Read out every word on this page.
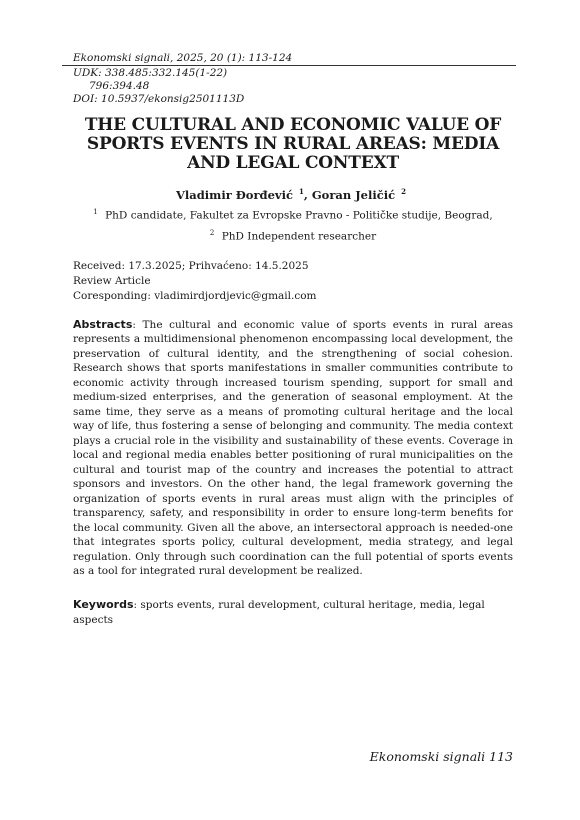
Ekonomski signali, 2025, 20 (1): 113-124
UDK: 338.485:332.145(1-22)
796:394.48
DOI: 10.5937/ekonsig2501113D
THE CULTURAL AND ECONOMIC VALUE OF SPORTS EVENTS IN RURAL AREAS: MEDIA AND LEGAL CONTEXT
Vladimir Đorđević $^1$, Goran Jeličić $^2$
$^1$ PhD candidate, Fakultet za Evropske Pravno - Političke studije, Beograd,
$^2$ PhD Independent researcher
Received: 17.3.2025; Prihvaćeno: 14.5.2025
Review Article
Coresponding: vladimirdjordjevic@gmail.com
Abstracts: The cultural and economic value of sports events in rural areas represents a multidimensional phenomenon encompassing local development, the preservation of cultural identity, and the strengthening of social cohesion. Research shows that sports manifestations in smaller communities contribute to economic activity through increased tourism spending, support for small and medium-sized enterprises, and the generation of seasonal employment. At the same time, they serve as a means of promoting cultural heritage and the local way of life, thus fostering a sense of belonging and community. The media context plays a crucial role in the visibility and sustainability of these events. Coverage in local and regional media enables better positioning of rural municipalities on the cultural and tourist map of the country and increases the potential to attract sponsors and investors. On the other hand, the legal framework governing the organization of sports events in rural areas must align with the principles of transparency, safety, and responsibility in order to ensure long-term benefits for the local community. Given all the above, an intersectoral approach is needed-one that integrates sports policy, cultural development, media strategy, and legal regulation. Only through such coordination can the full potential of sports events as a tool for integrated rural development be realized.
Keywords: sports events, rural development, cultural heritage, media, legal aspects
Ekonomski signali 113
